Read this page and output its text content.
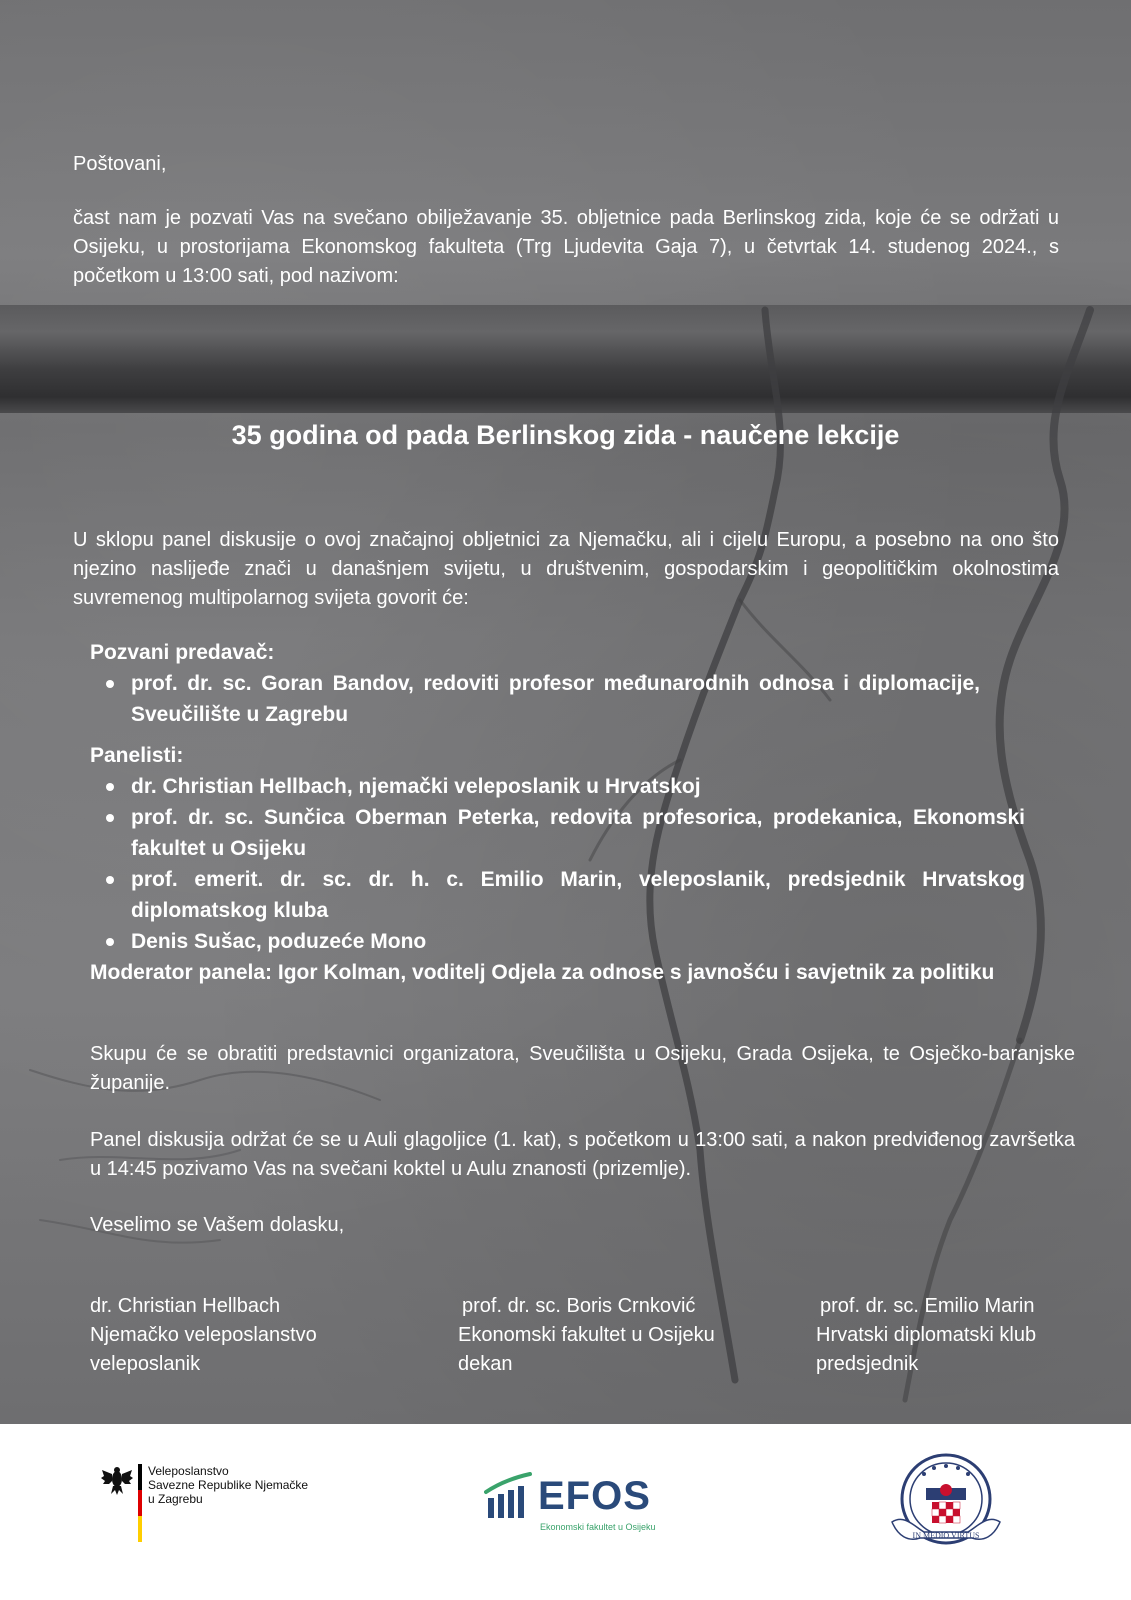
Poštovani,
čast nam je pozvati Vas na svečano obilježavanje 35. obljetnice pada Berlinskog zida, koje će se održati u Osijeku, u prostorijama Ekonomskog fakulteta (Trg Ljudevita Gaja 7), u četvrtak 14. studenog 2024., s početkom u 13:00 sati, pod nazivom:
35 godina od pada Berlinskog zida - naučene lekcije
U sklopu panel diskusije o ovoj značajnoj obljetnici za Njemačku, ali i cijelu Europu, a posebno na ono što njezino naslijeđe znači u današnjem svijetu, u društvenim, gospodarskim i geopolitičkim okolnostima suvremenog multipolarnog svijeta govorit će:
Pozvani predavač:
prof. dr. sc. Goran Bandov, redoviti profesor međunarodnih odnosa i diplomacije, Sveučilište u Zagrebu
Panelisti:
dr. Christian Hellbach, njemački veleposlanik u Hrvatskoj
prof. dr. sc. Sunčica Oberman Peterka, redovita profesorica, prodekanica, Ekonomski fakultet u Osijeku
prof. emerit. dr. sc. dr. h. c. Emilio Marin, veleposlanik, predsjednik Hrvatskog diplomatskog kluba
Denis Sušac, poduzeće Mono
Moderator panela: Igor Kolman, voditelj Odjela za odnose s javnošću i savjetnik za politiku
Skupu će se obratiti predstavnici organizatora, Sveučilišta u Osijeku, Grada Osijeka, te Osječko-baranjske županije.
Panel diskusija održat će se u Auli glagoljice (1. kat), s početkom u 13:00 sati, a nakon predviđenog završetka u 14:45 pozivamo Vas na svečani koktel u Aulu znanosti (prizemlje).
Veselimo se Vašem dolasku,
dr. Christian Hellbach
Njemačko veleposlanstvo
veleposlanik
prof. dr. sc. Boris Crnković
Ekonomski fakultet u Osijeku
dekan
prof. dr. sc. Emilio Marin
Hrvatski diplomatski klub
predsjednik
Veleposlanstvo
Savezne Republike Njemačke
u Zagrebu	EFOS
Ekonomski fakultet u Osijeku
IN MEDIO VIRTUS
